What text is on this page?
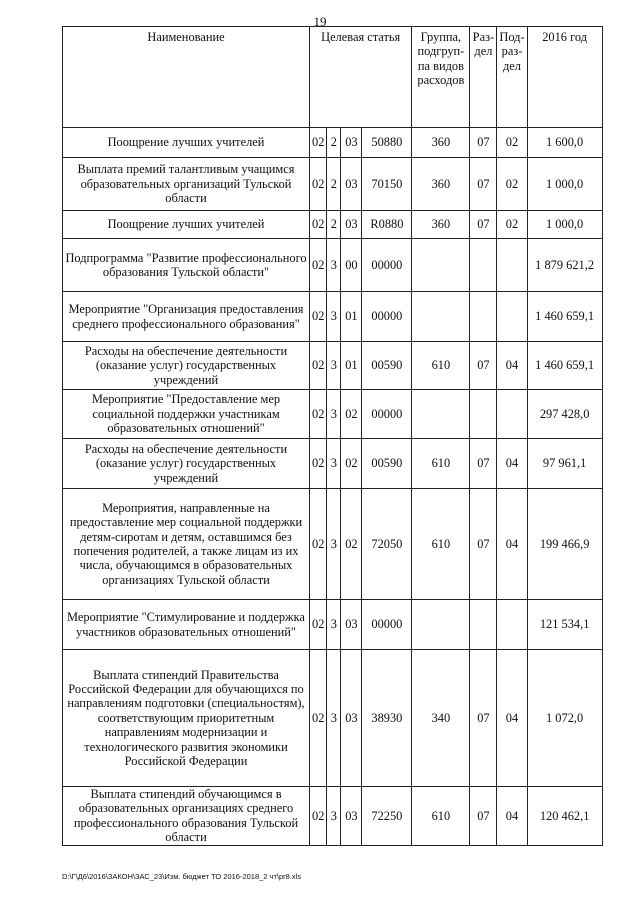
19
Наименование	Целевая статья				Группа, подгруп-па видов расходов	Раз-дел	Под-раз-дел	2016 год
Поощрение лучших учителей	02	2	03	50880	360	07	02	1 600,0
Выплата премий талантливым учащимся образовательных организаций Тульской области	02	2	03	70150	360	07	02	1 000,0
Поощрение лучших учителей	02	2	03	R0880	360	07	02	1 000,0
Подпрограмма "Развитие профессионального образования Тульской области"	02	3	00	00000				1 879 621,2
Мероприятие "Организация предоставления среднего профессионального образования"	02	3	01	00000				1 460 659,1
Расходы на обеспечение деятельности (оказание услуг) государственных учреждений	02	3	01	00590	610	07	04	1 460 659,1
Мероприятие "Предоставление мер социальной поддержки участникам образовательных отношений"	02	3	02	00000				297 428,0
Расходы на обеспечение деятельности (оказание услуг) государственных учреждений	02	3	02	00590	610	07	04	97 961,1
Мероприятия, направленные на предоставление мер социальной поддержки детям-сиротам и детям, оставшимся без попечения родителей, а также лицам из их числа, обучающимся в образовательных организациях Тульской области	02	3	02	72050	610	07	04	199 466,9
Мероприятие "Стимулирование и поддержка участников образовательных отношений"	02	3	03	00000				121 534,1
Выплата стипендий Правительства Российской Федерации для обучающихся по направлениям подготовки (специальностям), соответствующим приоритетным направлениям модернизации и технологического развития экономики Российской Федерации	02	3	03	38930	340	07	04	1 072,0
Выплата стипендий обучающимся в образовательных организациях среднего профессионального образования Тульской области	02	3	03	72250	610	07	04	120 462,1
D:\Г\Д6\2016\ЗАКОН\ЗАС_23\Изм. бюджет ТО 2016-2018_2 чт\pr8.xls
